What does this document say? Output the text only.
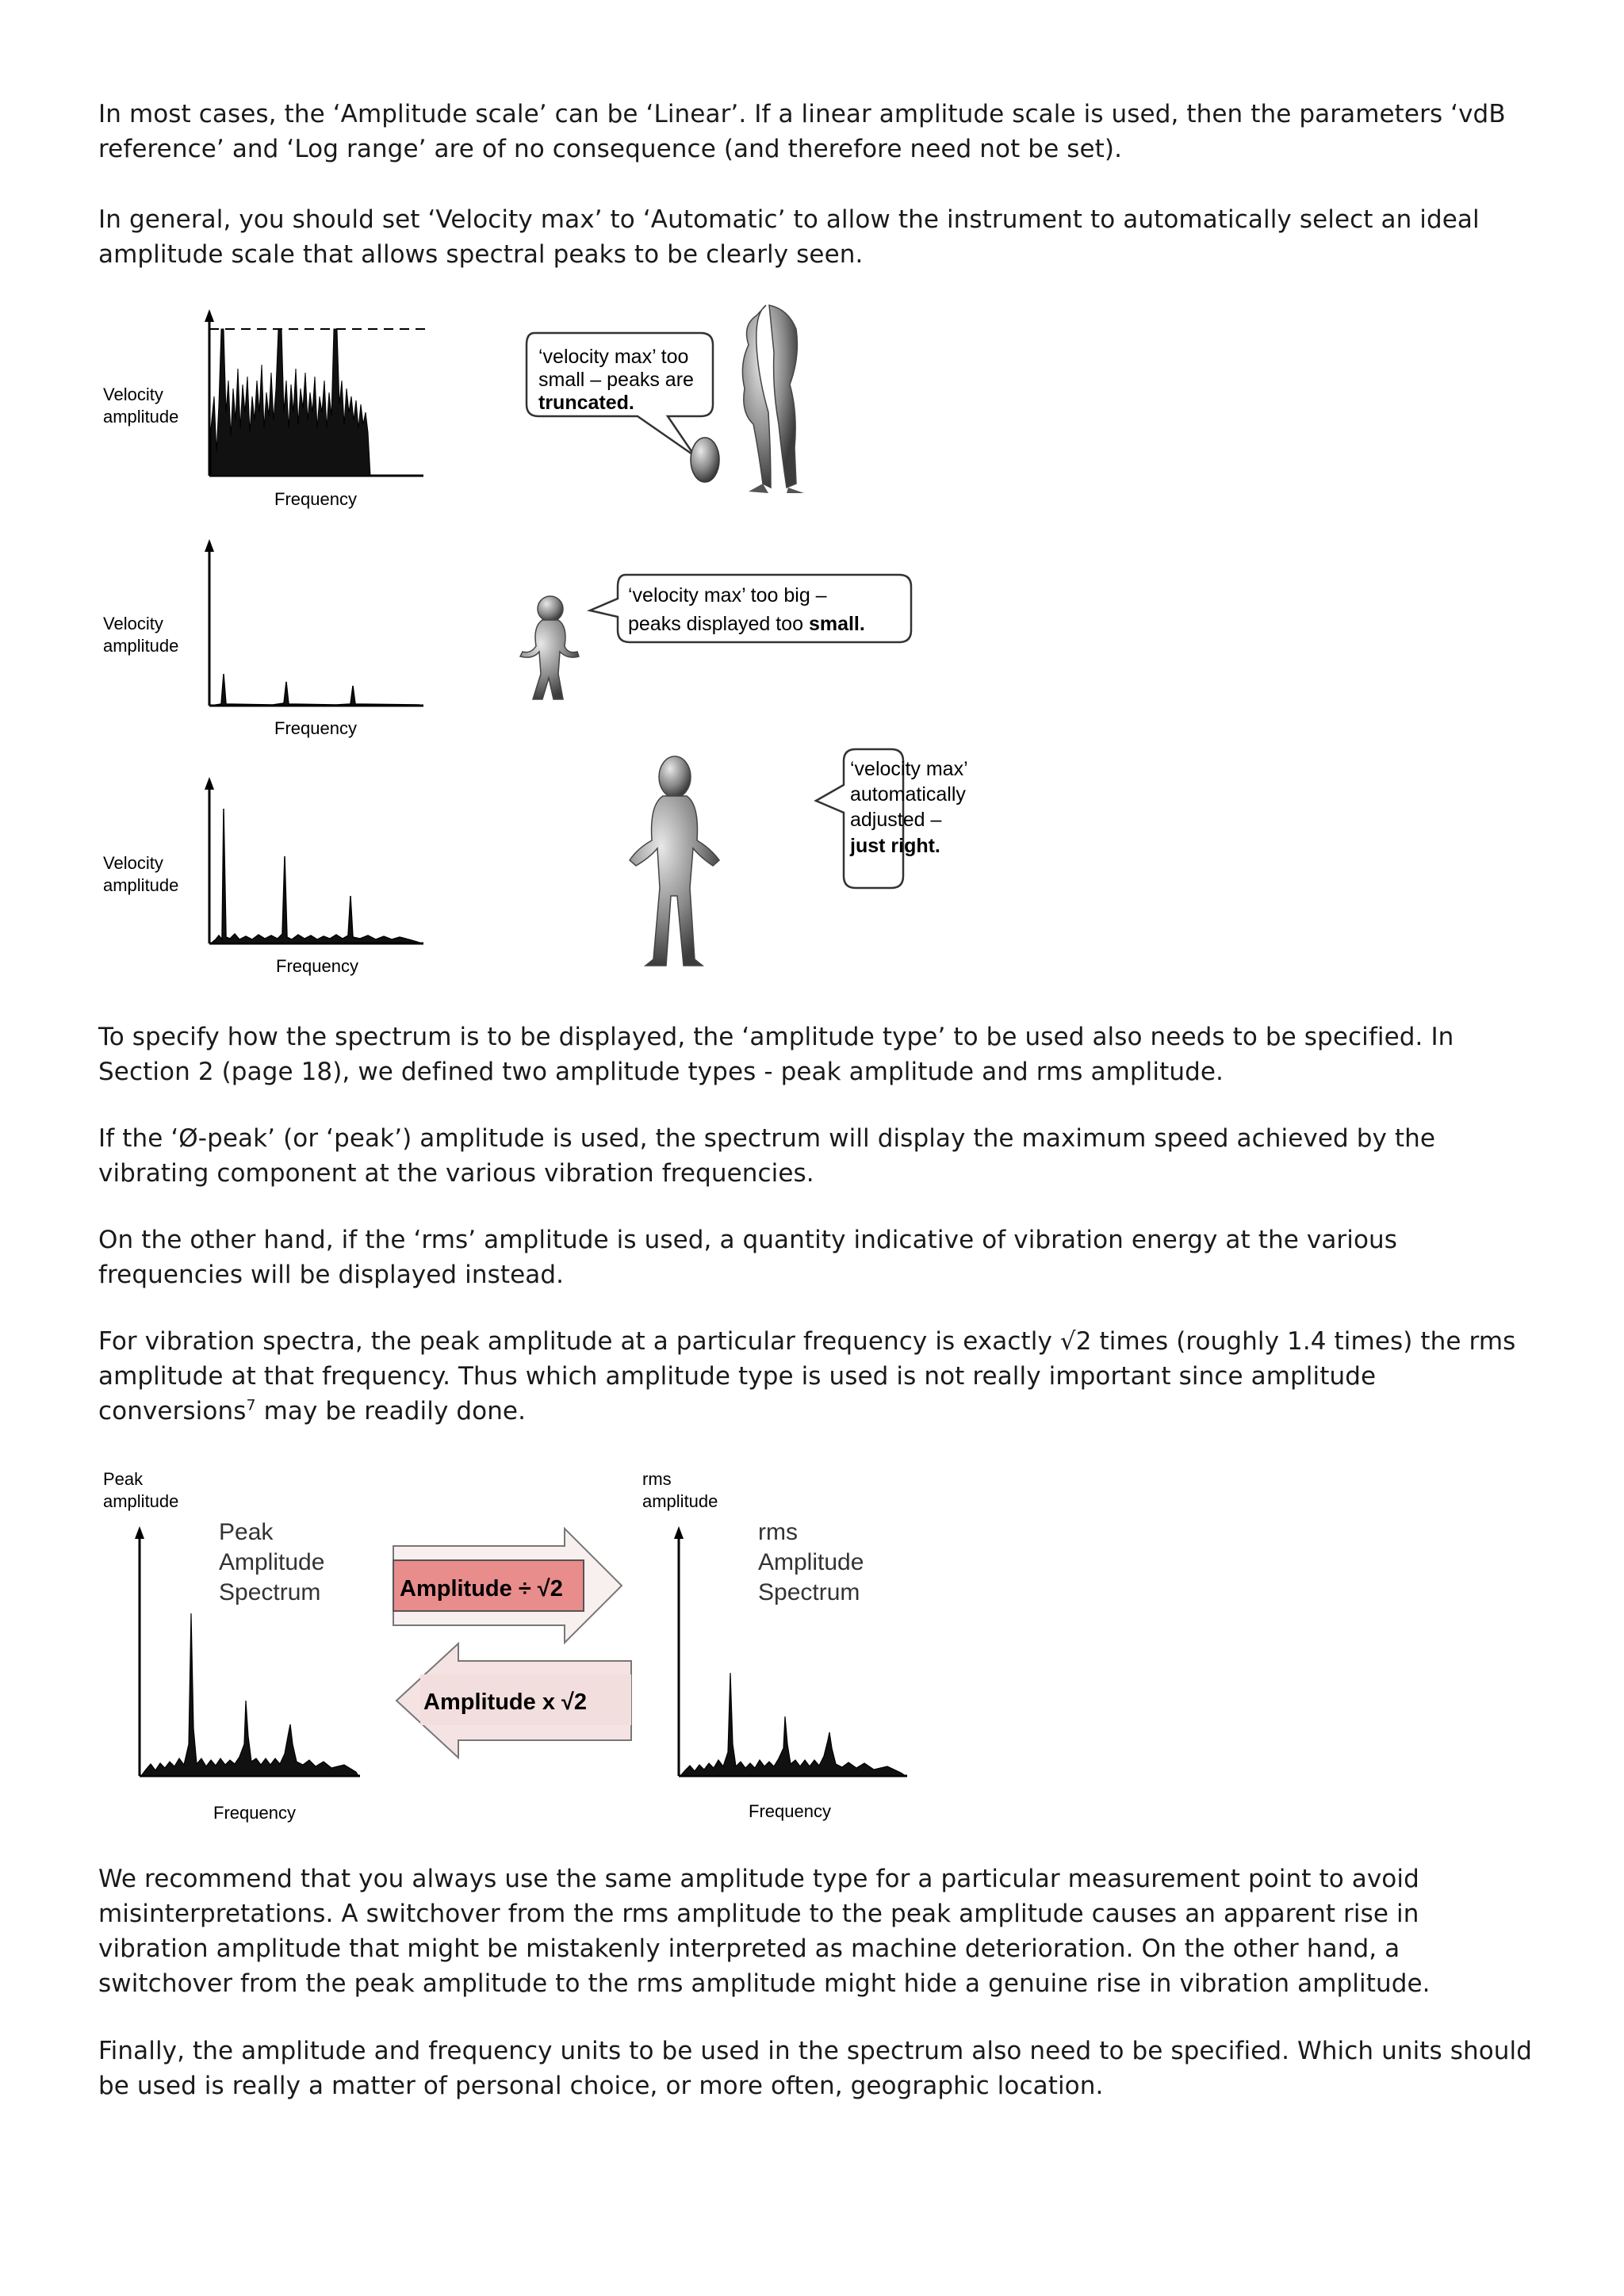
In most cases, the ‘Amplitude scale’ can be ‘Linear’. If a linear amplitude scale is used, then the parameters ‘vdB reference’ and ‘Log range’ are of no consequence (and therefore need not be set).

In general, you should set ‘Velocity max’ to ‘Automatic’ to allow the instrument to automatically select an ideal amplitude scale that allows spectral peaks to be clearly seen.

Velocity
amplitude
Frequency
‘velocity max’ too
small – peaks are
truncated.
Velocity
amplitude
Frequency
‘velocity max’ too big –
peaks displayed too small.
Velocity
amplitude
Frequency
‘velocity max’
automatically
adjusted –
just right.

To specify how the spectrum is to be displayed, the ‘amplitude type’ to be used also needs to be specified. In Section 2 (page 18), we defined two amplitude types - peak amplitude and rms amplitude.

If the ‘Ø-peak’ (or ‘peak’) amplitude is used, the spectrum will display the maximum speed achieved by the vibrating component at the various vibration frequencies.

On the other hand, if the ‘rms’ amplitude is used, a quantity indicative of vibration energy at the various frequencies will be displayed instead.

For vibration spectra, the peak amplitude at a particular frequency is exactly √2 times (roughly 1.4 times) the rms amplitude at that frequency. Thus which amplitude type is used is not really important since amplitude conversions$^7$ may be readily done.

Peak
amplitude
Peak
Amplitude
Spectrum
Frequency
Amplitude ÷ √2
Amplitude x √2
rms
amplitude
rms
Amplitude
Spectrum
Frequency

We recommend that you always use the same amplitude type for a particular measurement point to avoid misinterpretations. A switchover from the rms amplitude to the peak amplitude causes an apparent rise in vibration amplitude that might be mistakenly interpreted as machine deterioration. On the other hand, a switchover from the peak amplitude to the rms amplitude might hide a genuine rise in vibration amplitude.

Finally, the amplitude and frequency units to be used in the spectrum also need to be specified. Which units should be used is really a matter of personal choice, or more often, geographic location.
